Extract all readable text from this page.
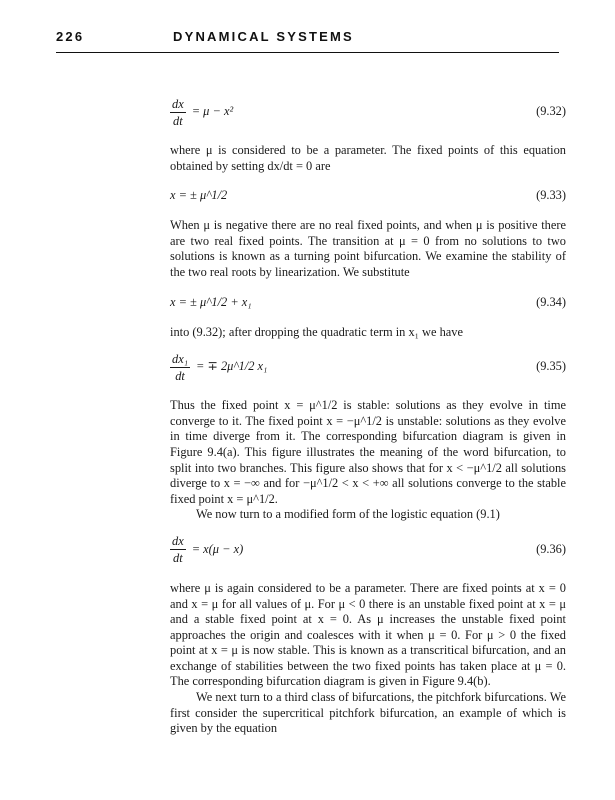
226	DYNAMICAL SYSTEMS
$\frac{dx}{dt} = \mu - x^2$	(9.32)

where μ is considered to be a parameter. The fixed points of this equation obtained by setting dx/dt = 0 are

x = ± μ^1/2	(9.33)

When μ is negative there are no real fixed points, and when μ is positive there are two real fixed points. The transition at μ = 0 from no solutions to two solutions is known as a turning point bifurcation. We examine the stability of the two real roots by linearization. We substitute

x = ± μ^1/2 + x₁	(9.34)

into (9.32); after dropping the quadratic term in x₁ we have

$\frac{\text{dx₁}}{dt}$ = ∓ 2μ^1/2 x₁	(9.35)

Thus the fixed point x = μ^1/2 is stable: solutions as they evolve in time converge to it. The fixed point x = −μ^1/2 is unstable: solutions as they evolve in time diverge from it. The corresponding bifurcation diagram is given in Figure 9.4(a). This figure illustrates the meaning of the word bifurcation, to split into two branches. This figure also shows that for x < −μ^1/2 all solutions diverge to x = −∞ and for −μ^1/2 < x < +∞ all solutions converge to the stable fixed point x = μ^1/2.

We now turn to a modified form of the logistic equation (9.1)

$\frac{dx}{dt} = x(\mu - x)$	(9.36)

where μ is again considered to be a parameter. There are fixed points at x = 0 and x = μ for all values of μ. For μ < 0 there is an unstable fixed point at x = μ and a stable fixed point at x = 0. As μ increases the unstable fixed point approaches the origin and coalesces with it when μ = 0. For μ > 0 the fixed point at x = μ is now stable. This is known as a transcritical bifurcation, and an exchange of stabilities between the two fixed points has taken place at μ = 0. The corresponding bifurcation diagram is given in Figure 9.4(b).

We next turn to a third class of bifurcations, the pitchfork bifurcations. We first consider the supercritical pitchfork bifurcation, an example of which is given by the equation
